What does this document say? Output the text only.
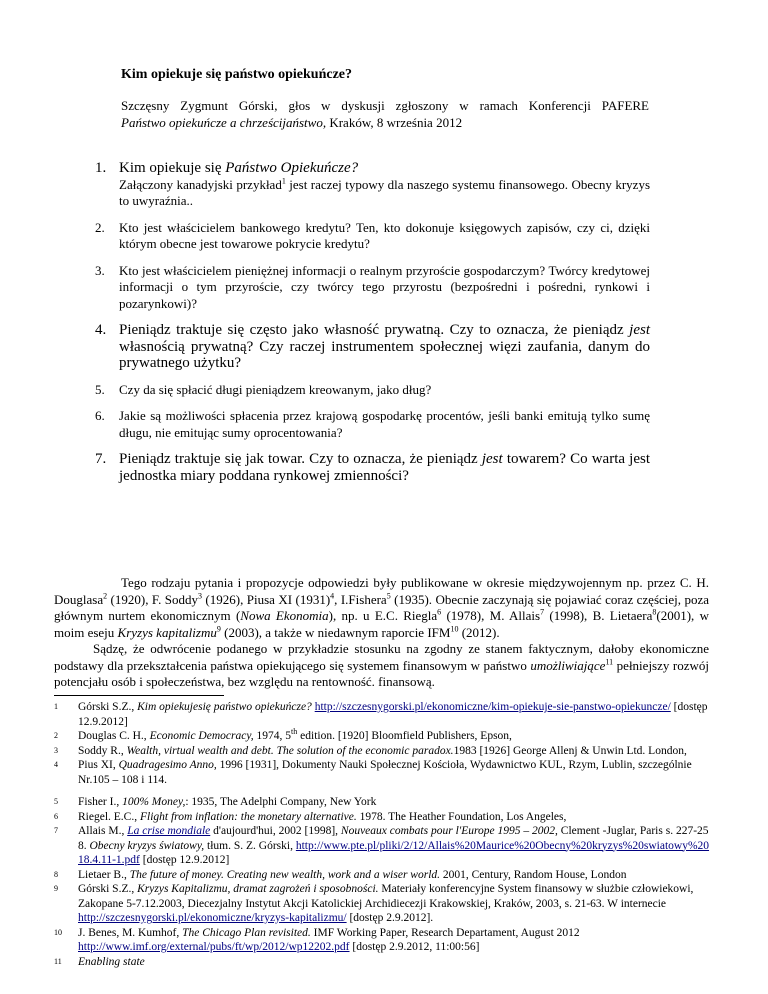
Kim opiekuje się państwo opiekuńcze?
Szczęsny Zygmunt Górski, głos w dyskusji zgłoszony w ramach Konferencji PAFERE
Państwo opiekuńcze a chrześcijaństwo, Kraków, 8 września 2012
1. Kim opiekuje się Państwo Opiekuńcze?
Załączony kanadyjski przykład$^1$ jest raczej typowy dla naszego systemu finansowego. Obecny kryzys to uwyraźnia..
2.	Kto jest właścicielem bankowego kredytu? Ten, kto dokonuje księgowych zapisów, czy ci, dzięki którym obecne jest towarowe pokrycie kredytu?
3.	Kto jest właścicielem pieniężnej informacji o realnym przyroście gospodarczym? Twórcy kredytowej informacji o tym przyroście, czy twórcy tego przyrostu (bezpośredni i pośredni, rynkowi i pozarynkowi)?
4. Pieniądz traktuje się często jako własność prywatną. Czy to oznacza, że pieniądz jest własnością prywatną? Czy raczej instrumentem społecznej więzi zaufania, danym do prywatnego użytku?
5.	Czy da się spłacić długi pieniądzem kreowanym, jako dług?
6.	Jakie są możliwości spłacenia przez krajową gospodarkę procentów, jeśli banki emitują tylko sumę długu, nie emitując sumy oprocentowania?
7. Pieniądz traktuje się jak towar. Czy to oznacza, że pieniądz jest towarem? Co warta jest jednostka miary poddana rynkowej zmienności?
Tego rodzaju pytania i propozycje odpowiedzi były publikowane w okresie międzywojennym np. przez C. H. Douglasa$^2$ (1920), F. Soddy$^3$ (1926), Piusa XI $(1931)^4$, I.Fishera$^5$ (1935). Obecnie zaczynają się pojawiać coraz częściej, poza głównym nurtem ekonomicznym (Nowa Ekonomia), np. u E.C. Riegla$^6$ (1978), M. Allais$^7$ (1998), B. Lietaera$^8$(2001), w moim eseju Kryzys kapitalizmu$^9$ (2003), a także w niedawnym raporcie IFM$^{10}$ (2012).
Sądzę, że odwrócenie podanego w przykładzie stosunku na zgodny ze stanem faktycznym, dałoby ekonomiczne podstawy dla przekształcenia państwa opiekującego się systemem finansowym w państwo umożliwiające$^{11}$ pełniejszy rozwój potencjału osób i społeczeństwa, bez względu na rentowność. finansową.
1	Górski S.Z., Kim opiekujesię państwo opiekuńcze? http://szczesnygorski.pl/ekonomiczne/kim-opiekuje-sie-panstwo-opiekuncze/ [dostęp 12.9.2012]
2	Douglas C. H., Economic Democracy, 1974, 5th edition. [1920] Bloomfield Publishers, Epson,
3	Soddy R., Wealth, virtual wealth and debt. The solution of the economic paradox.1983 [1926] George Allenj & Unwin Ltd. London,
4	Pius XI, Quadragesimo Anno, 1996 [1931], Dokumenty Nauki Społecznej Kościoła, Wydawnictwo KUL, Rzym, Lublin, szczególnie Nr.105 – 108 i 114.
5	Fisher I., 100% Money,: 1935, The Adelphi Company, New York
6	Riegel. E.C., Flight from inflation: the monetary alternative. 1978. The Heather Foundation, Los Angeles,
7	Allais M., La crise mondiale d'aujourd'hui, 2002 [1998], Nouveaux combats pour l'Europe 1995 – 2002, Clement -Juglar, Paris s. 227-258. Obecny kryzys światowy, tłum. S. Z. Górski, http://www.pte.pl/pliki/2/12/Allais%20Maurice%20Obecny%20kryzys%20swiatowy%2018.4.11-1.pdf [dostęp 12.9.2012]
8	Lietaer B., The future of money. Creating new wealth, work and a wiser world. 2001, Century, Random House, London
9	Górski S.Z., Kryzys Kapitalizmu, dramat zagrożeń i sposobności. Materiały konferencyjne System finansowy w służbie człowiekowi, Zakopane 5-7.12.2003, Diecezjalny Instytut Akcji Katolickiej Archidiecezji Krakowskiej, Kraków, 2003, s. 21-63. W internecie http://szczesnygorski.pl/ekonomiczne/kryzys-kapitalizmu/ [dostęp 2.9.2012].
10	J. Benes, M. Kumhof, The Chicago Plan revisited. IMF Working Paper, Research Departament, August 2012 http://www.imf.org/external/pubs/ft/wp/2012/wp12202.pdf [dostęp 2.9.2012, 11:00:56]
11	Enabling state
